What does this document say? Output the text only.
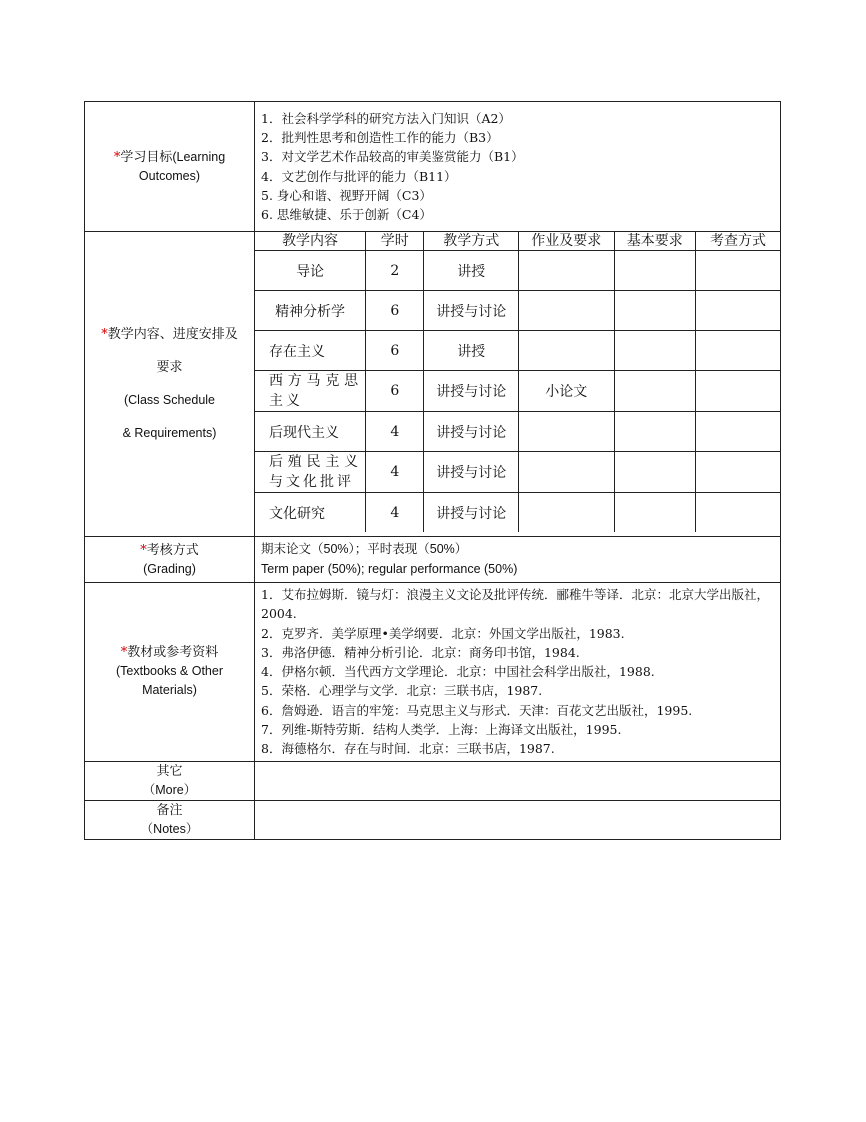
*学习目标(Learning Outcomes)	
1．社会科学学科的研究方法入门知识（A2）
2．批判性思考和创造性工作的能力（B3）
3．对文学艺术作品较高的审美鉴赏能力（B1）
4．文艺创作与批评的能力（B11）
5. 身心和谐、视野开阔（C3）
6. 思维敏捷、乐于创新（C4）

*教学内容、进度安排及
要求
(Class Schedule
& Requirements)

教学内容	学时	教学方式	作业及要求	基本要求	考查方式
导论	2	讲授			
精神分析学	6	讲授与讨论			
存在主义	6	讲授			
西方马克思主义	6	讲授与讨论	小论文		
后现代主义	4	讲授与讨论			
后殖民主义与文化批评	4	讲授与讨论			
文化研究	4	讲授与讨论			

*考核方式
(Grading)

期末论文（50%）；平时表现（50%）
Term paper (50%); regular performance (50%)

*教材或参考资料
(Textbooks & Other
Materials)

1．艾布拉姆斯．镜与灯：浪漫主义文论及批评传统．郦稚牛等译．北京：北京大学出版社，2004.
2．克罗齐．美学原理•美学纲要．北京：外国文学出版社，1983.
3．弗洛伊德．精神分析引论．北京：商务印书馆，1984.
4．伊格尔顿．当代西方文学理论．北京：中国社会科学出版社，1988.
5．荣格．心理学与文学．北京：三联书店，1987.
6．詹姆逊．语言的牢笼：马克思主义与形式．天津：百花文艺出版社，1995.
7．列维-斯特劳斯．结构人类学．上海：上海译文出版社，1995.
8．海德格尔．存在与时间．北京：三联书店，1987.

其它
（More）

备注
（Notes）
